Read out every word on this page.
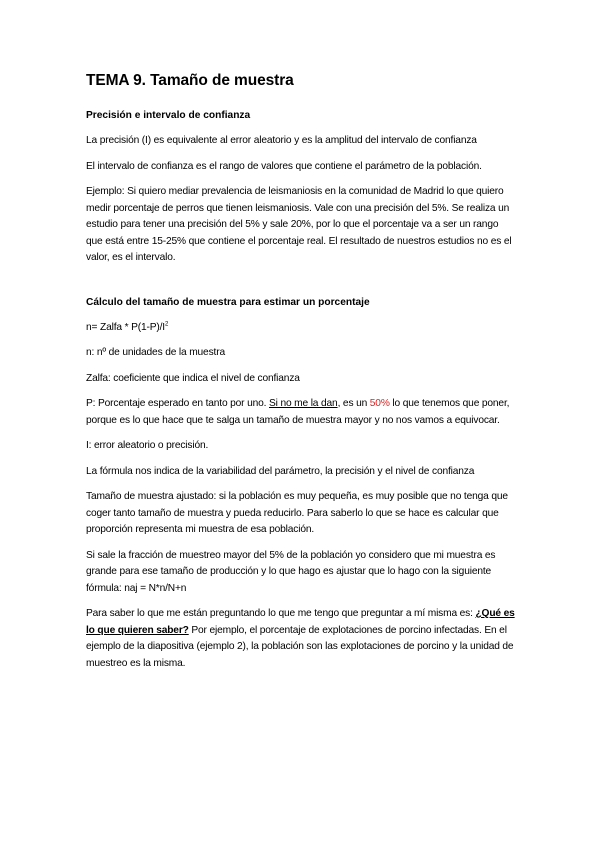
TEMA 9. Tamaño de muestra
Precisión e intervalo de confianza

La precisión (I) es equivalente al error aleatorio y es la amplitud del intervalo de confianza

El intervalo de confianza es el rango de valores que contiene el parámetro de la población.

Ejemplo: Si quiero mediar prevalencia de leismaniosis en la comunidad de Madrid lo que quiero medir porcentaje de perros que tienen leismaniosis. Vale con una precisión del 5%. Se realiza un estudio para tener una precisión del 5% y sale 20%, por lo que el porcentaje va a ser un rango que está entre 15-25% que contiene el porcentaje real. El resultado de nuestros estudios no es el valor, es el intervalo.

Cálculo del tamaño de muestra para estimar un porcentaje

n= Zalfa * $P(1-P)/I^2$

n: nº de unidades de la muestra

Zalfa: coeficiente que indica el nivel de confianza

P: Porcentaje esperado en tanto por uno. Si no me la dan, es un 50% lo que tenemos que poner, porque es lo que hace que te salga un tamaño de muestra mayor y no nos vamos a equivocar.

I: error aleatorio o precisión.

La fórmula nos indica de la variabilidad del parámetro, la precisión y el nivel de confianza

Tamaño de muestra ajustado: si la población es muy pequeña, es muy posible que no tenga que coger tanto tamaño de muestra y pueda reducirlo. Para saberlo lo que se hace es calcular que proporción representa mi muestra de esa población.

Si sale la fracción de muestreo mayor del 5% de la población yo considero que mi muestra es grande para ese tamaño de producción y lo que hago es ajustar que lo hago con la siguiente fórmula: naj = N*n/N+n

Para saber lo que me están preguntando lo que me tengo que preguntar a mí misma es: ¿Qué es lo que quieren saber? Por ejemplo, el porcentaje de explotaciones de porcino infectadas. En el ejemplo de la diapositiva (ejemplo 2), la población son las explotaciones de porcino y la unidad de muestreo es la misma.
